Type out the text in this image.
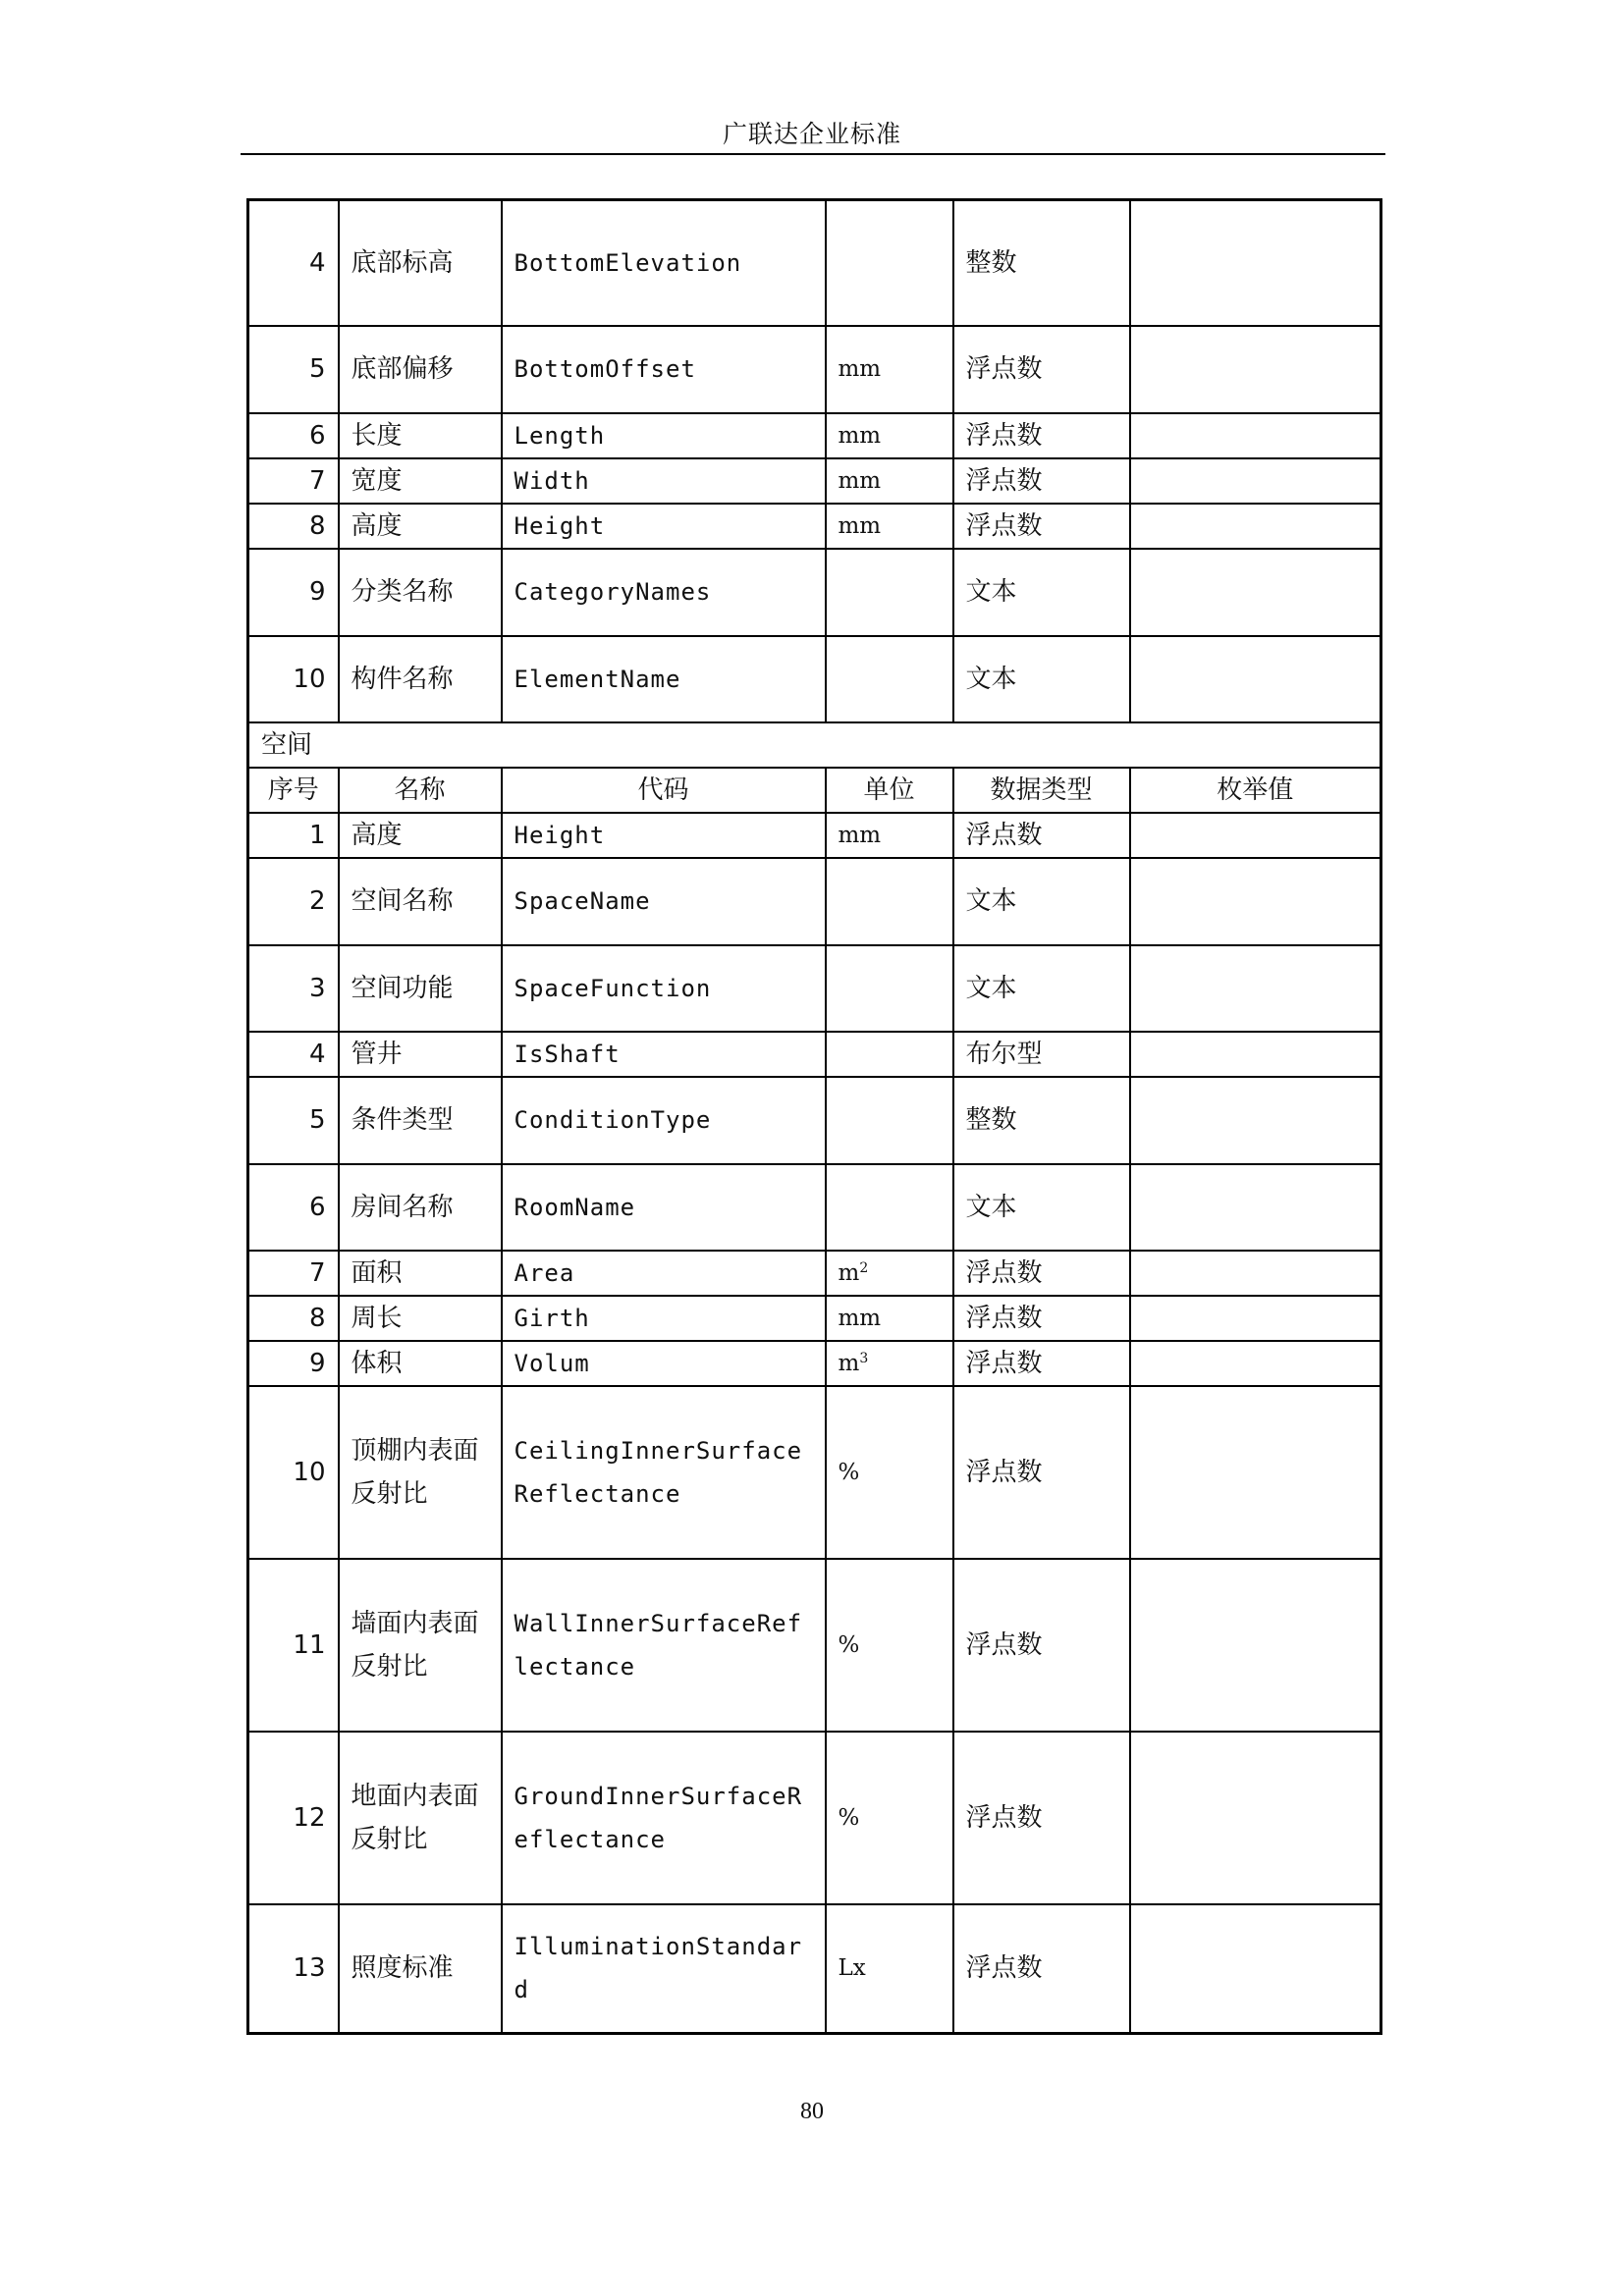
广联达企业标准
4	底部标高	BottomElevation		整数	
5	底部偏移	BottomOffset	mm	浮点数	
6	长度	Length	mm	浮点数	
7	宽度	Width	mm	浮点数	
8	高度	Height	mm	浮点数	
9	分类名称	CategoryNames		文本	
10	构件名称	ElementName		文本	
空间					
序号	名称	代码	单位	数据类型	枚举值
1	高度	Height	mm	浮点数	
2	空间名称	SpaceName		文本	
3	空间功能	SpaceFunction		文本	
4	管井	IsShaft		布尔型	
5	条件类型	ConditionType		整数	
6	房间名称	RoomName		文本	
7	面积	Area	$m^2$	浮点数	
8	周长	Girth	mm	浮点数	
9	体积	Volum	$m^3$	浮点数	
10	顶棚内表面反射比	CeilingInnerSurfaceReflectance	%	浮点数	
11	墙面内表面反射比	WallInnerSurfaceReflectance	%	浮点数	
12	地面内表面反射比	GroundInnerSurfaceReflectance	%	浮点数	
13	照度标准	IlluminationStandard	Lx	浮点数	
80
